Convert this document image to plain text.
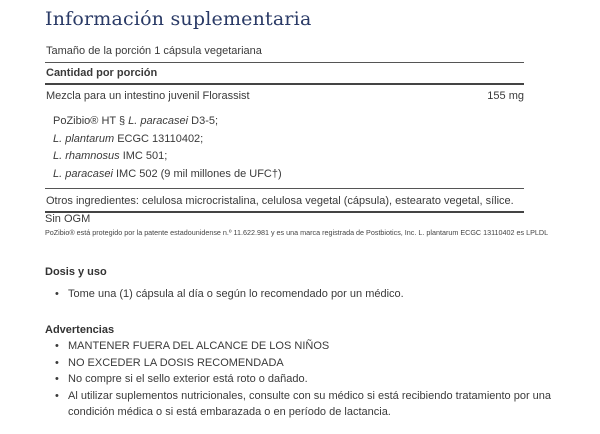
Información suplementaria
Tamaño de la porción 1 cápsula vegetariana
Cantidad por porción
Mezcla para un intestino juvenil Florassist	155 mg
PoZibio® HT § L. paracasei D3-5;
L. plantarum ECGC 13110402;
L. rhamnosus IMC 501;
L. paracasei IMC 502 (9 mil millones de UFC†)
Otros ingredientes: celulosa microcristalina, celulosa vegetal (cápsula), estearato vegetal, sílice.
Sin OGM
PoZibio® está protegido por la patente estadounidense n.º 11.622.981 y es una marca registrada de Postbiotics, Inc. L. plantarum ECGC 13110402 es LPLDL
Dosis y uso
• Tome una (1) cápsula al día o según lo recomendado por un médico.
Advertencias
• MANTENER FUERA DEL ALCANCE DE LOS NIÑOS
• NO EXCEDER LA DOSIS RECOMENDADA
• No compre si el sello exterior está roto o dañado.
• Al utilizar suplementos nutricionales, consulte con su médico si está recibiendo tratamiento por una condición médica o si está embarazada o en período de lactancia.
